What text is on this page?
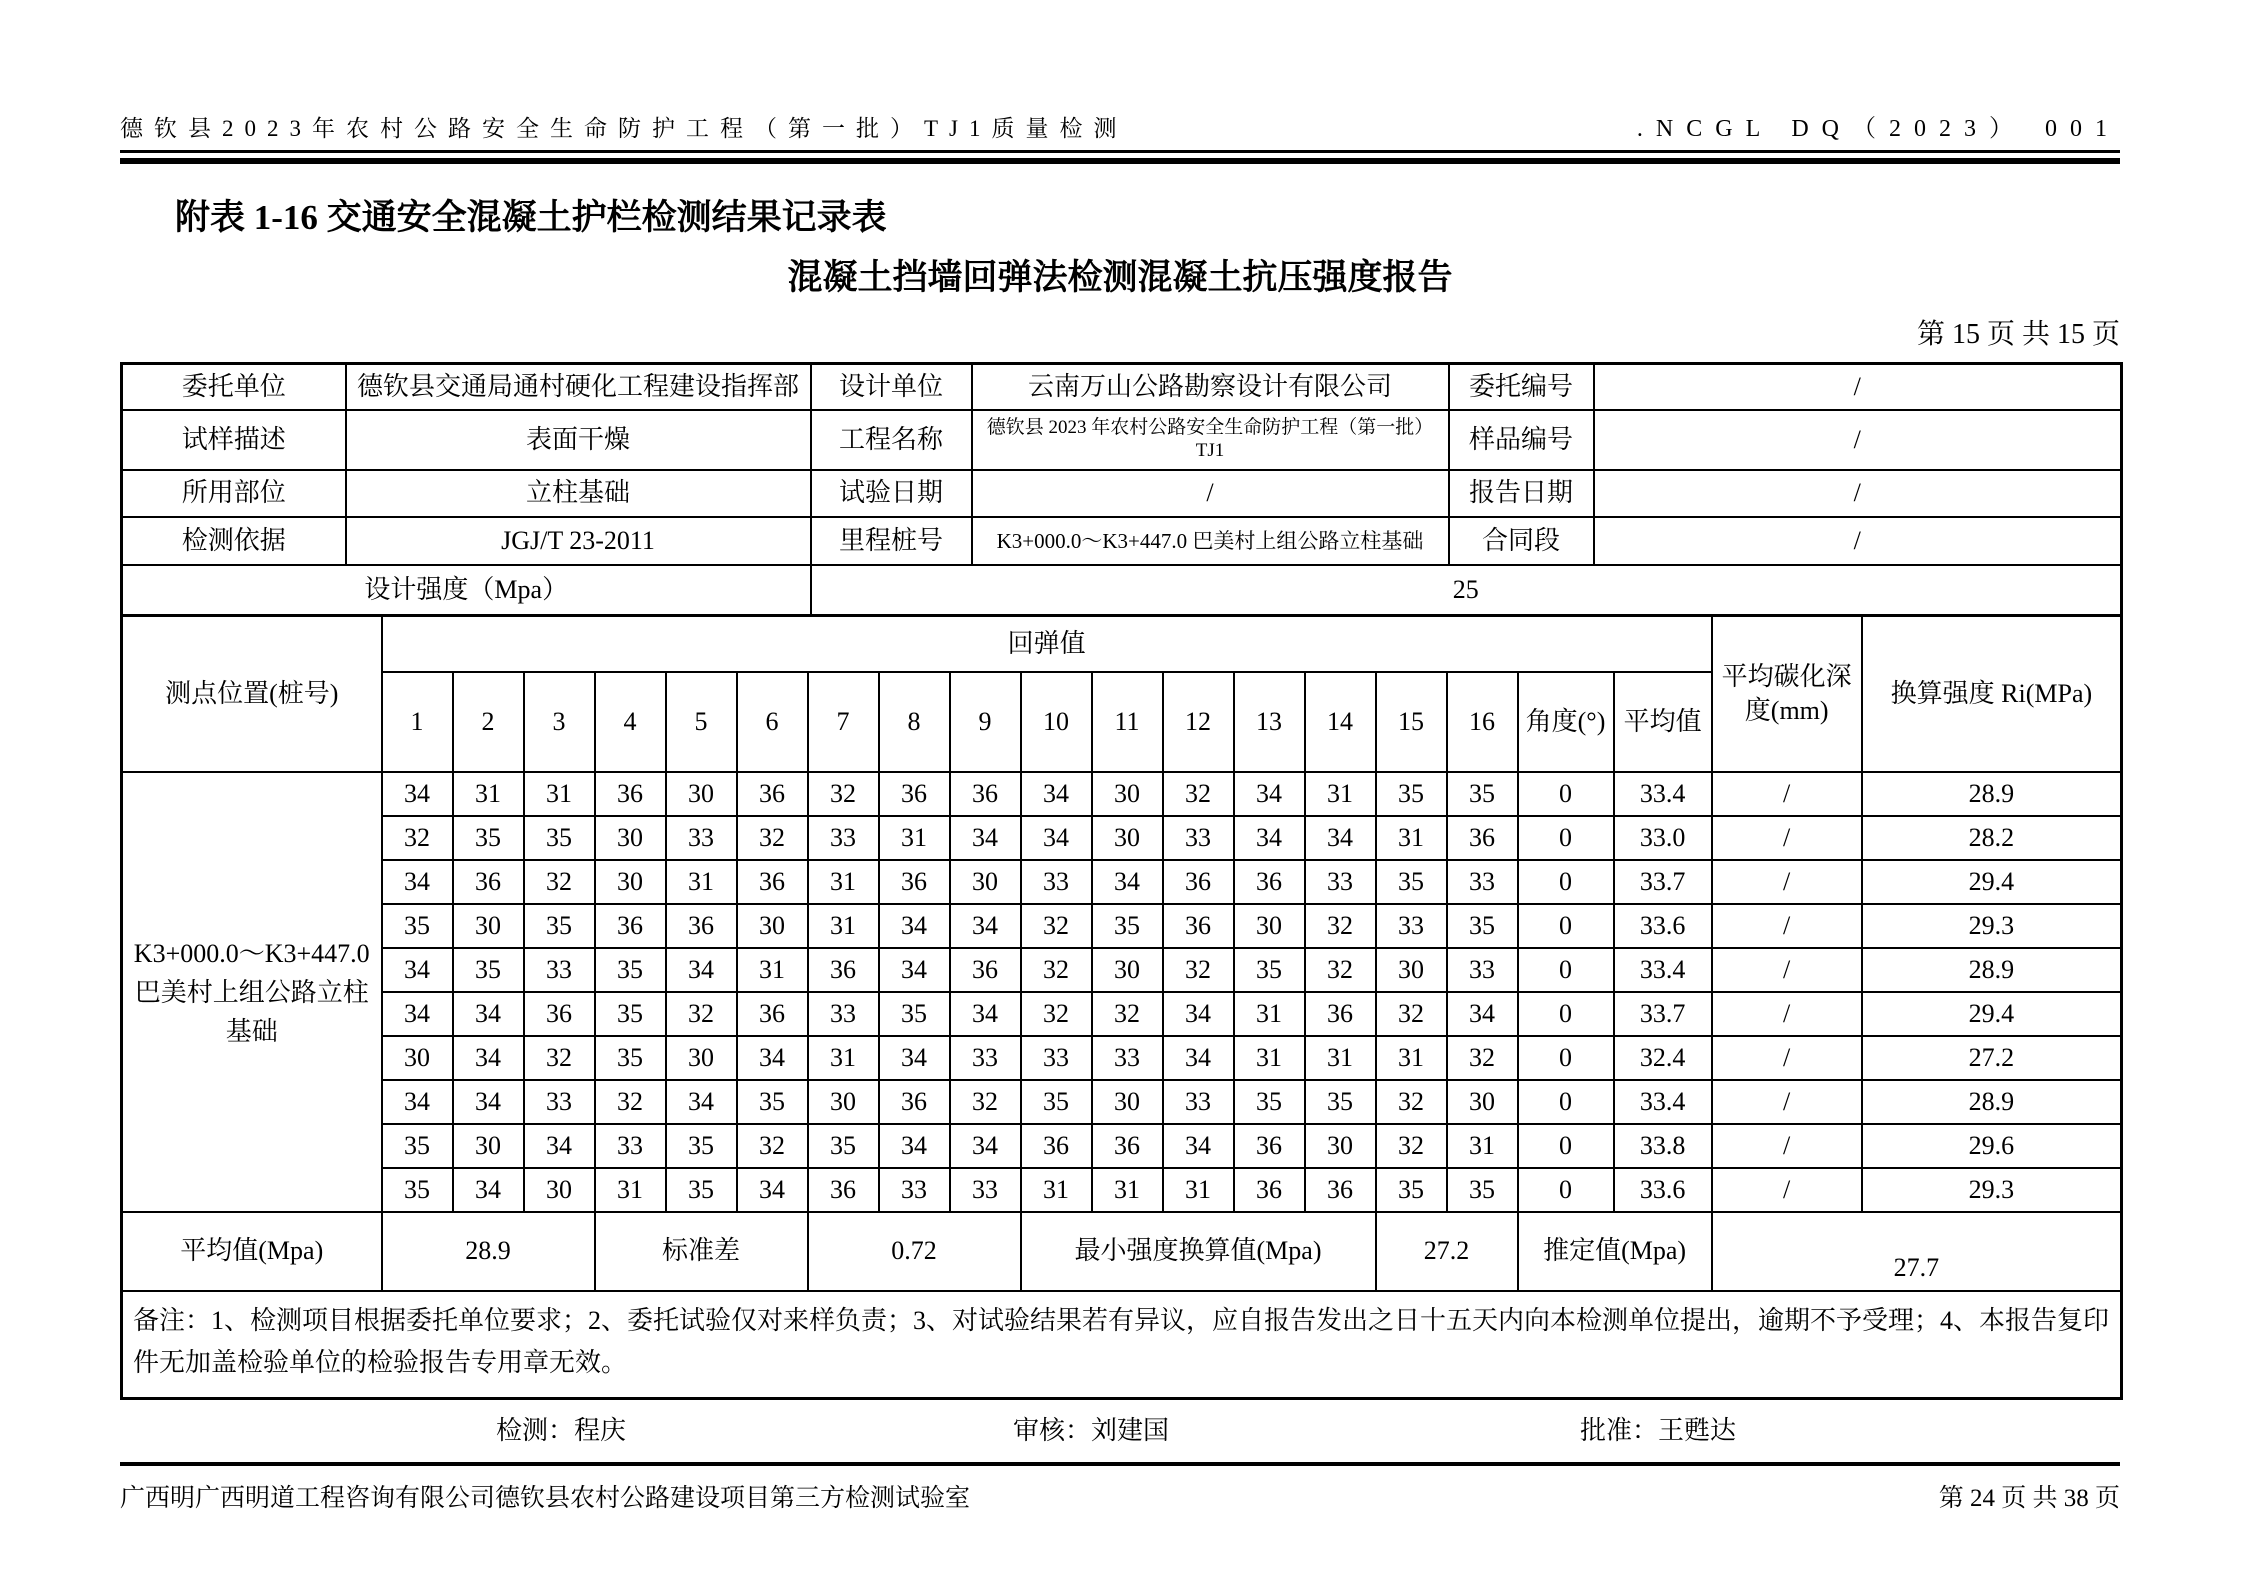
德钦县2023年农村公路安全生命防护工程（第一批）TJ1质量检测	.NCGL DQ（2023） 001
附表 1-16 交通安全混凝土护栏检测结果记录表
混凝土挡墙回弹法检测混凝土抗压强度报告
第 15 页 共 15 页
委托单位	德钦县交通局通村硬化工程建设指挥部	设计单位	云南万山公路勘察设计有限公司	委托编号	/
试样描述	表面干燥	工程名称	德钦县 2023 年农村公路安全生命防护工程（第一批）TJ1	样品编号	/
所用部位	立柱基础	试验日期	/	报告日期	/
检测依据	JGJ/T 23-2011	里程桩号	K3+000.0～K3+447.0 巴美村上组公路立柱基础	合同段	/
设计强度（Mpa）		25			
测点位置(桩号)	回弹值																		平均碳化深度(mm)	换算强度 Ri(MPa)
	1	2	3	4	5	6	7	8	9	10	11	12	13	14	15	16	角度(°)	平均值		
K3+000.0～K3+447.0 巴美村上组公路立柱基础	34	31	31	36	30	36	32	36	36	34	30	32	34	31	35	35	0	33.4	/	28.9
	32	35	35	30	33	32	33	31	34	34	30	33	34	34	31	36	0	33.0	/	28.2
	34	36	32	30	31	36	31	36	30	33	34	36	36	33	35	33	0	33.7	/	29.4
	35	30	35	36	36	30	31	34	34	32	35	36	30	32	33	35	0	33.6	/	29.3
	34	35	33	35	34	31	36	34	36	32	30	32	35	32	30	33	0	33.4	/	28.9
	34	34	36	35	32	36	33	35	34	32	32	34	31	36	32	34	0	33.7	/	29.4
	30	34	32	35	30	34	31	34	33	33	33	34	31	31	31	32	0	32.4	/	27.2
	34	34	33	32	34	35	30	36	32	35	30	33	35	35	32	30	0	33.4	/	28.9
	35	30	34	33	35	32	35	34	34	36	36	34	36	30	32	31	0	33.8	/	29.6
	35	34	30	31	35	34	36	33	33	31	31	31	36	36	35	35	0	33.6	/	29.3
平均值(Mpa)	28.9			标准差			0.72			最小强度换算值(Mpa)					27.2		推定值(Mpa)		27.7	
备注：1、检测项目根据委托单位要求；2、委托试验仅对来样负责；3、对试验结果若有异议，应自报告发出之日十五天内向本检测单位提出，逾期不予受理；4、本报告复印件无加盖检验单位的检验报告专用章无效。																				
检测：程庆	审核：刘建国	批准：王甦达
广西明广西明道工程咨询有限公司德钦县农村公路建设项目第三方检测试验室	第 24 页 共 38 页
